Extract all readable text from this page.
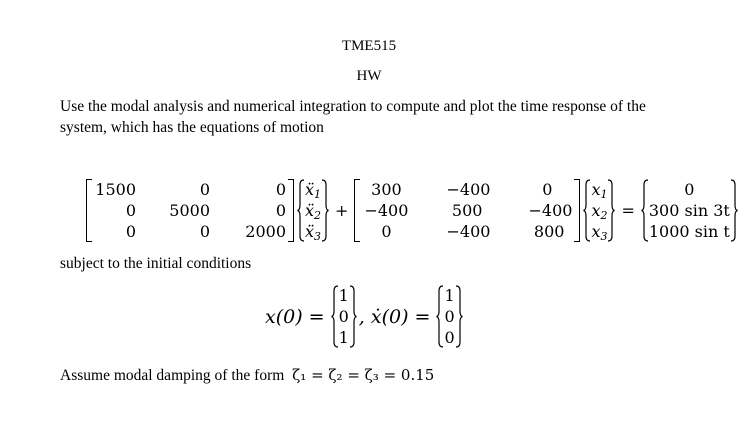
TME515
HW
Use the modal analysis and numerical integration to compute and plot the time response of the
system, which has the equations of motion
1500	0	0
0	5000	0
0	0	2000
ẍ$_1$
ẍ$_2$
ẍ$_3$
+
300	−400	0
−400	500	−400
0	−400	800
$x_1$
$x_2$
$x_3$
=
0
300 sin 3t
1000 sin t
subject to the initial conditions
x(0) =
1
0
1
, ẋ(0) =
1
0
0
Assume modal damping of the form ζ₁ = ζ₂ = ζ₃ = 0.15
